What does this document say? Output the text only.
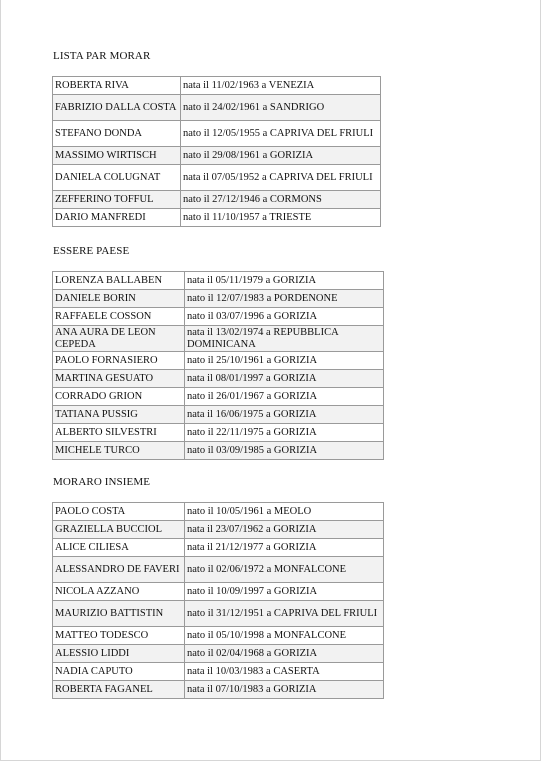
LISTA PAR MORAR
ROBERTA RIVA	nata il 11/02/1963 a VENEZIA
FABRIZIO DALLA COSTA	nato il 24/02/1961 a SANDRIGO
STEFANO DONDA	nato il 12/05/1955 a CAPRIVA DEL FRIULI
MASSIMO WIRTISCH	nato il 29/08/1961 a GORIZIA
DANIELA COLUGNAT	nata il 07/05/1952 a CAPRIVA DEL FRIULI
ZEFFERINO TOFFUL	nato il 27/12/1946 a CORMONS
DARIO MANFREDI	nato il 11/10/1957 a TRIESTE
ESSERE PAESE
LORENZA BALLABEN	nata il 05/11/1979 a GORIZIA
DANIELE BORIN	nato il 12/07/1983 a PORDENONE
RAFFAELE COSSON	nato il 03/07/1996 a GORIZIA
ANA AURA DE LEON CEPEDA	nata il 13/02/1974 a REPUBBLICA DOMINICANA
PAOLO FORNASIERO	nato il 25/10/1961 a GORIZIA
MARTINA GESUATO	nata il 08/01/1997 a GORIZIA
CORRADO GRION	nato il 26/01/1967 a GORIZIA
TATIANA PUSSIG	nata il 16/06/1975 a GORIZIA
ALBERTO SILVESTRI	nato il 22/11/1975 a GORIZIA
MICHELE TURCO	nato il 03/09/1985 a GORIZIA
MORARO INSIEME
PAOLO COSTA	nato il 10/05/1961 a MEOLO
GRAZIELLA BUCCIOL	nata il 23/07/1962 a GORIZIA
ALICE CILIESA	nata il 21/12/1977 a GORIZIA
ALESSANDRO DE FAVERI	nato il 02/06/1972 a MONFALCONE
NICOLA AZZANO	nato il 10/09/1997 a GORIZIA
MAURIZIO BATTISTIN	nato il 31/12/1951 a CAPRIVA DEL FRIULI
MATTEO TODESCO	nato il 05/10/1998 a MONFALCONE
ALESSIO LIDDI	nato il 02/04/1968 a GORIZIA
NADIA CAPUTO	nata il 10/03/1983 a CASERTA
ROBERTA FAGANEL	nata il 07/10/1983 a GORIZIA
